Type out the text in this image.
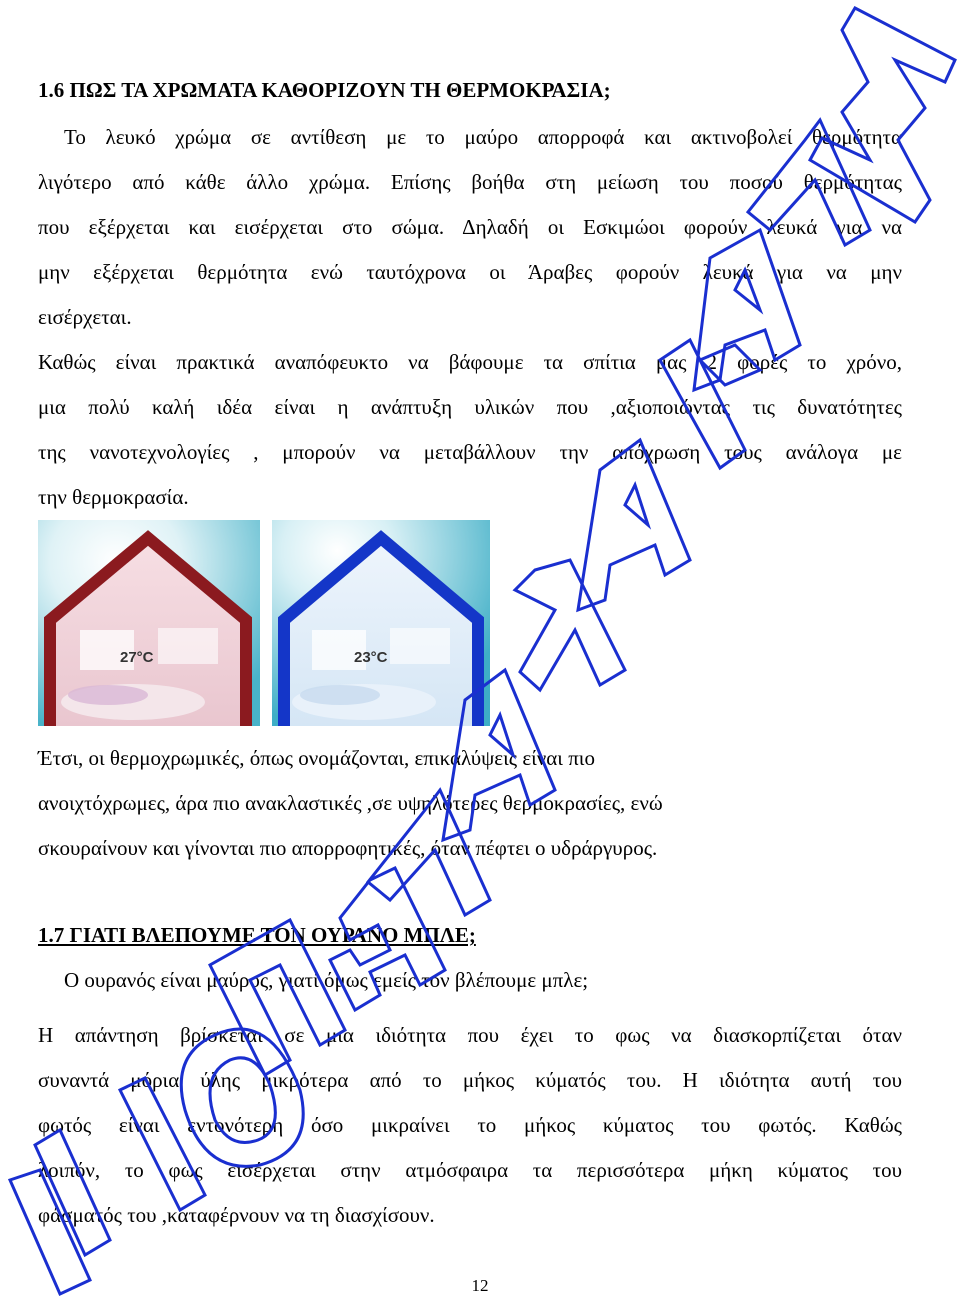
1.6 ΠΩΣ ΤΑ ΧΡΩΜΑΤΑ ΚΑΘΟΡΙΖΟΥΝ ΤΗ ΘΕΡΜΟΚΡΑΣΙΑ;
Το λευκό χρώμα σε αντίθεση με το μαύρο απορροφά και ακτινοβολεί θερμότητα
λιγότερο από κάθε άλλο χρώμα. Επίσης βοήθα στη μείωση του ποσού θερμότητας
που εξέρχεται και εισέρχεται στο σώμα. Δηλαδή οι Εσκιμώοι φορούν λευκά για να
μην εξέρχεται θερμότητα ενώ ταυτόχρονα οι Άραβες φορούν λευκά για να μην
εισέρχεται.
Καθώς είναι πρακτικά αναπόφευκτο να βάφουμε τα σπίτια μας 2 φορές το χρόνο,
μια πολύ καλή ιδέα είναι η ανάπτυξη υλικών που ,αξιοποιώντας τις δυνατότητες
της νανοτεχνολογίες , μπορούν να μεταβάλλουν την απόχρωση τους ανάλογα με
την θερμοκρασία.
27°C	23°C
Έτσι, οι θερμοχρωμικές, όπως ονομάζονται, επικαλύψεις είναι πιο
ανοιχτόχρωμες, άρα πιο ανακλαστικές ,σε υψηλότερες θερμοκρασίες, ενώ
σκουραίνουν και γίνονται πιο απορροφητικές, όταν πέφτει ο υδράργυρος.
1.7 ΓΙΑΤΙ ΒΛΕΠΟΥΜΕ ΤΟΝ ΟΥΡΑΝΟ ΜΠΛΕ;
Ο ουρανός είναι μαύρος, γιατί όμως εμείς τον βλέπουμε μπλε;
Η απάντηση βρίσκεται σε μια ιδιότητα που έχει το φως να διασκορπίζεται όταν
συναντά μόρια ύλης μικρότερα από το μήκος κύματός του. Η ιδιότητα αυτή του
φωτός είναι εντονότερη όσο μικραίνει το μήκος κύματος του φωτός. Καθώς
λοιπόν, το φως εισέρχεται στην ατμόσφαιρα τα περισσότερα μήκη κύματος του
φάσματός του ,καταφέρνουν να τη διασχίσουν.
12
